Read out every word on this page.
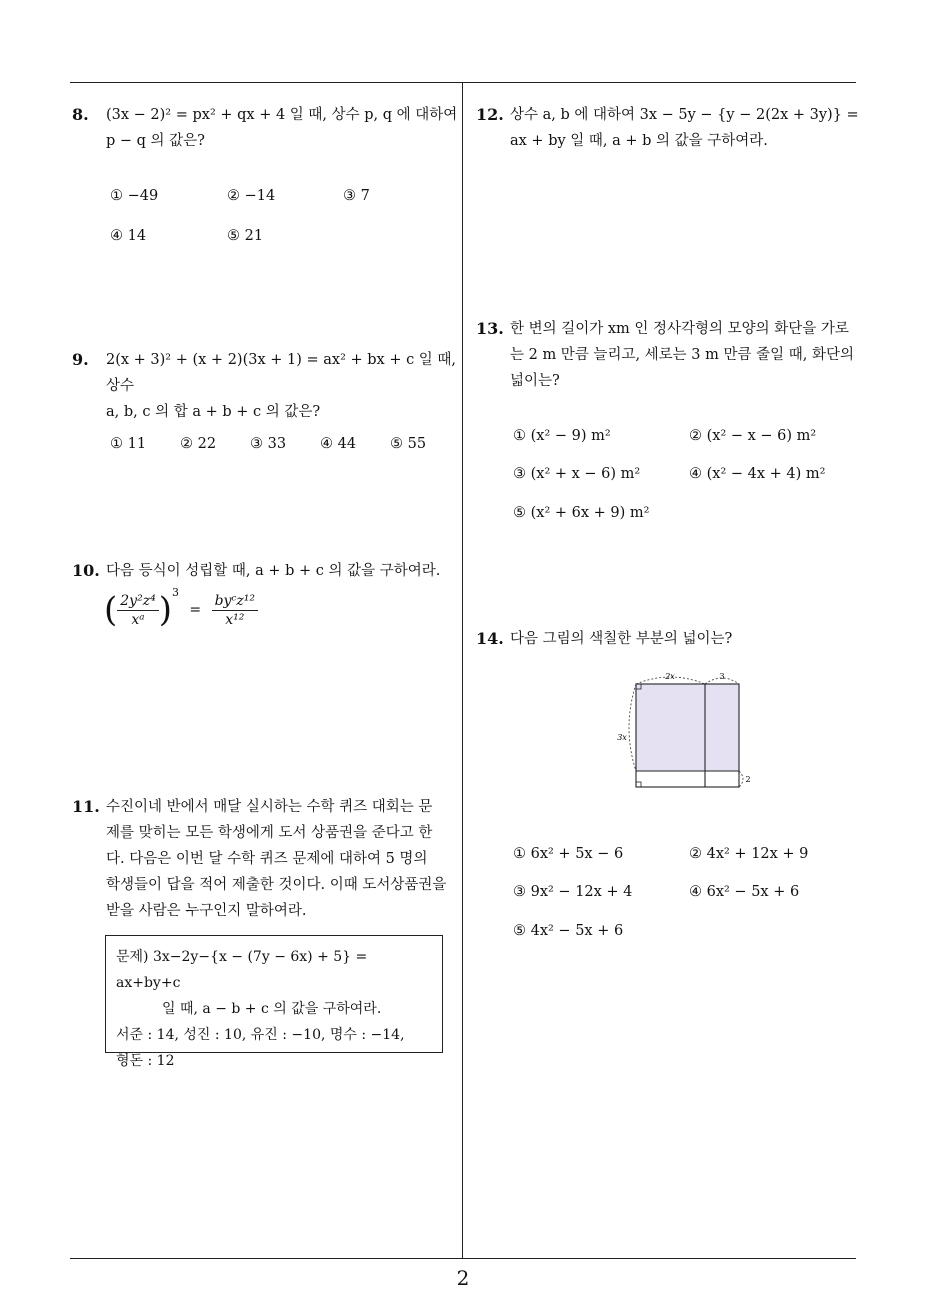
2
8. (3x − 2)² = px² + qx + 4 일 때, 상수 p, q 에 대하여
p − q 의 값은?
① −49	② −14	③ 7
④ 14	⑤ 21
9. 2(x + 3)² + (x + 2)(3x + 1) = ax² + bx + c 일 때, 상수
a, b, c 의 합 a + b + c 의 값은?
① 11 ② 22 ③ 33 ④ 44 ⑤ 55
10. 다음 등식이 성립할 때, a + b + c 의 값을 구하여라.
( $\frac{\text{2y²z⁴}}{\text{xᵃ}} )^3 = \frac{\text{byᶜz¹²}}{\text{x¹²}}$
11. 수진이네 반에서 매달 실시하는 수학 퀴즈 대회는 문
제를 맞히는 모든 학생에게 도서 상품권을 준다고 한
다. 다음은 이번 달 수학 퀴즈 문제에 대하여 5 명의
학생들이 답을 적어 제출한 것이다. 이때 도서상품권을
받을 사람은 누구인지 말하여라.
문제) 3x−2y−{x − (7y − 6x) + 5} = ax+by+c
일 때, a − b + c 의 값을 구하여라.
서준 : 14, 성진 : 10, 유진 : −10, 명수 : −14,
형돈 : 12
12. 상수 a, b 에 대하여 3x − 5y − {y − 2(2x + 3y)} =
ax + by 일 때, a + b 의 값을 구하여라.
13. 한 변의 길이가 xm 인 정사각형의 모양의 화단을 가로
는 2 m 만큼 늘리고, 세로는 3 m 만큼 줄일 때, 화단의
넓이는?
① (x² − 9) m²	② (x² − x − 6) m²
③ (x² + x − 6) m²	④ (x² − 4x + 4) m²
⑤ (x² + 6x + 9) m²
14. 다음 그림의 색칠한 부분의 넓이는?
2x	3
3x
2
① 6x² + 5x − 6	② 4x² + 12x + 9
③ 9x² − 12x + 4	④ 6x² − 5x + 6
⑤ 4x² − 5x + 6
